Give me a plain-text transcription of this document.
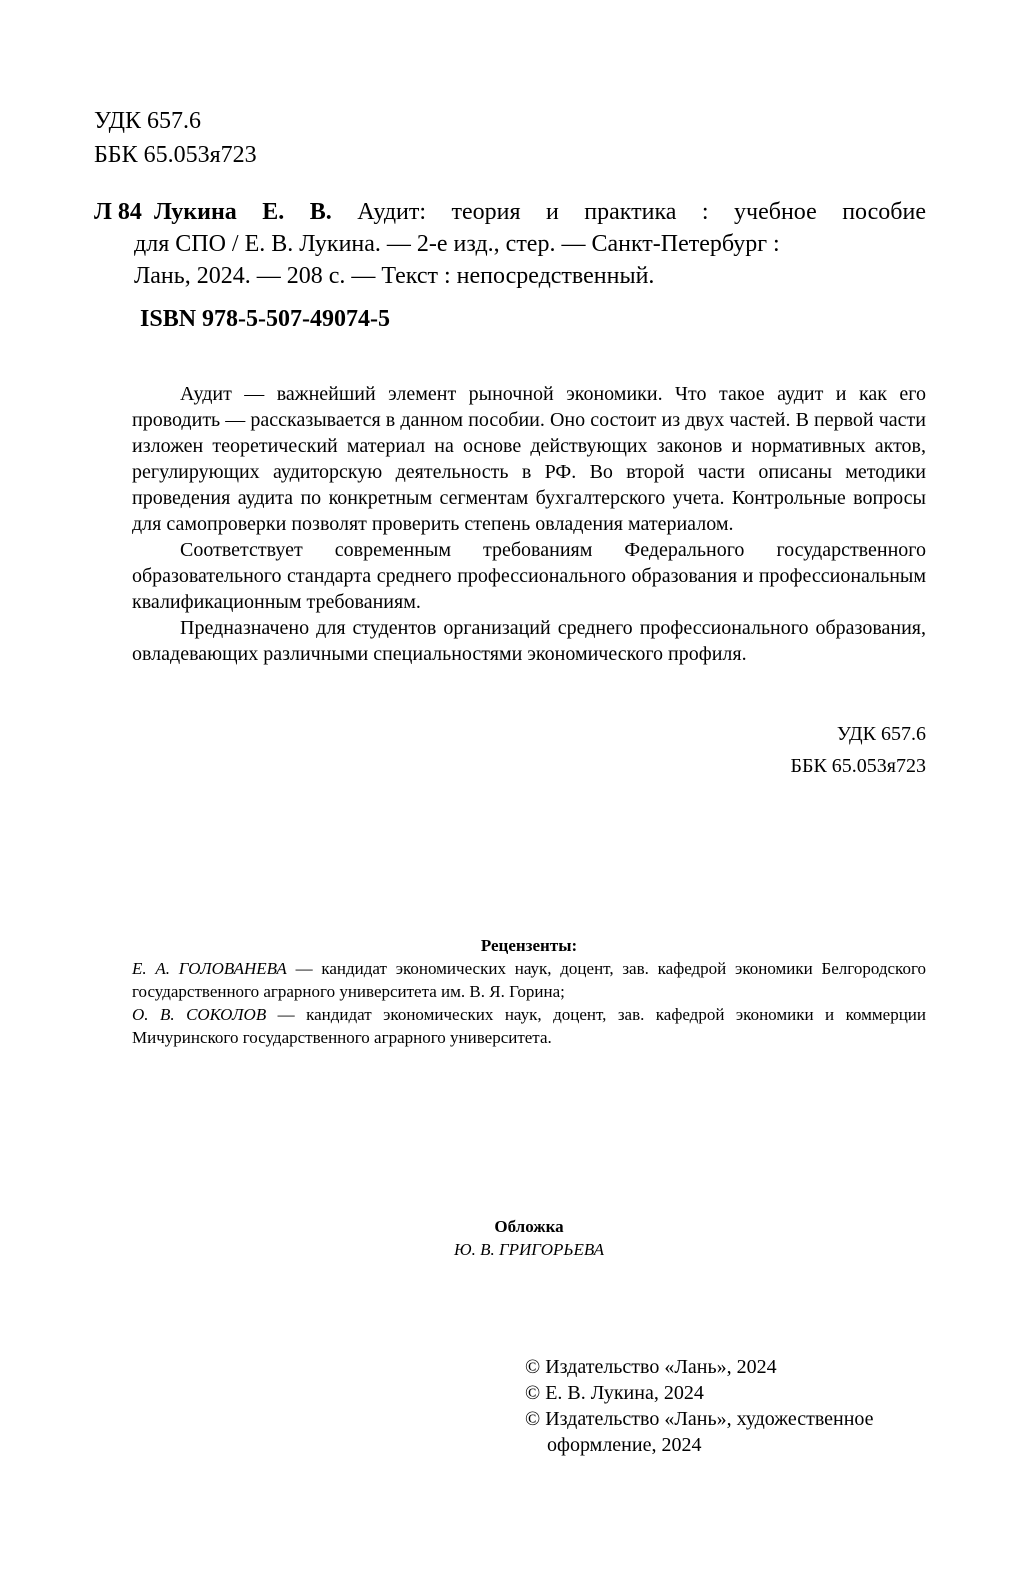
УДК 657.6
ББК 65.053я723
Л 84 Лукина Е. В. Аудит: теория и практика : учебное пособие
для СПО / Е. В. Лукина. — 2-е изд., стер. — Санкт-Петербург :
Лань, 2024. — 208 с. — Текст : непосредственный.
ISBN 978-5-507-49074-5

Аудит — важнейший элемент рыночной экономики. Что такое аудит и как его проводить — рассказывается в данном пособии. Оно состоит из двух частей. В первой части изложен теоретический материал на основе действующих законов и нормативных актов, регулирующих аудиторскую деятельность в РФ. Во второй части описаны методики проведения аудита по конкретным сегментам бухгалтерского учета. Контрольные вопросы для самопроверки позволят проверить степень овладения материалом.

Соответствует современным требованиям Федерального государственного образовательного стандарта среднего профессионального образования и профессиональным квалификационным требованиям.

Предназначено для студентов организаций среднего профессионального образования, овладевающих различными специальностями экономического профиля.

УДК 657.6
ББК 65.053я723
Рецензенты:

Е. А. ГОЛОВАНЕВА — кандидат экономических наук, доцент, зав. кафедрой экономики Белгородского государственного аграрного университета им. В. Я. Горина;

О. В. СОКОЛОВ — кандидат экономических наук, доцент, зав. кафедрой экономики и коммерции Мичуринского государственного аграрного университета.

Обложка
Ю. В. ГРИГОРЬЕВА
© Издательство «Лань», 2024
© Е. В. Лукина, 2024
© Издательство «Лань», художественное
оформление, 2024
